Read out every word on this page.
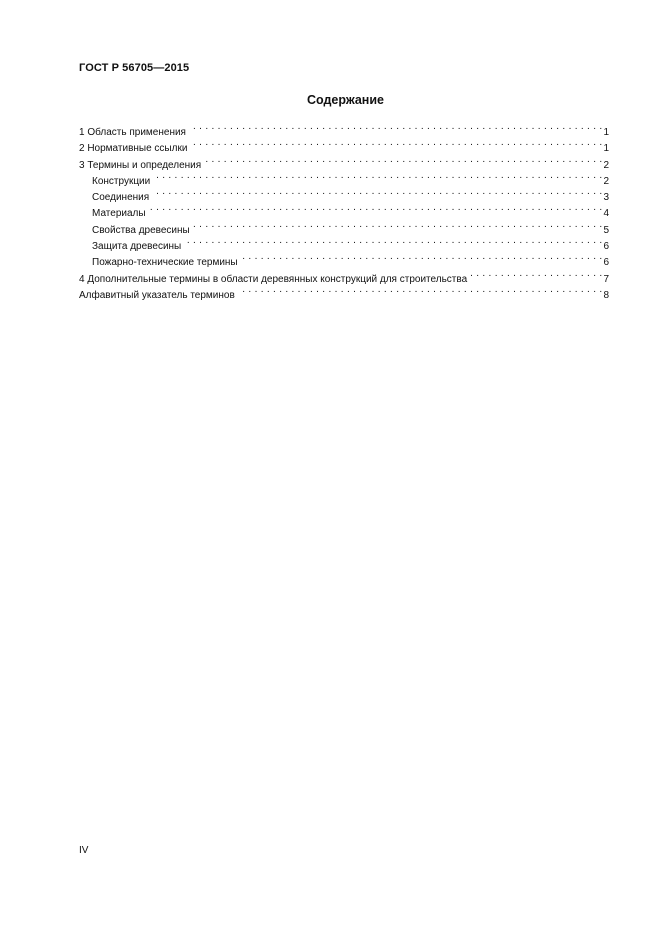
ГОСТ Р 56705—2015
Содержание
1 Область применения . . .	1
2 Нормативные ссылки . . .	1
3 Термины и определения . . .	2
Конструкции . . .	2
Соединения . . .	3
Материалы . . .	4
Свойства древесины . . .	5
Защита древесины . . .	6
Пожарно-технические термины . . .	6
4 Дополнительные термины в области деревянных конструкций для строительства . . .	7
Алфавитный указатель терминов . . .	8
IV
